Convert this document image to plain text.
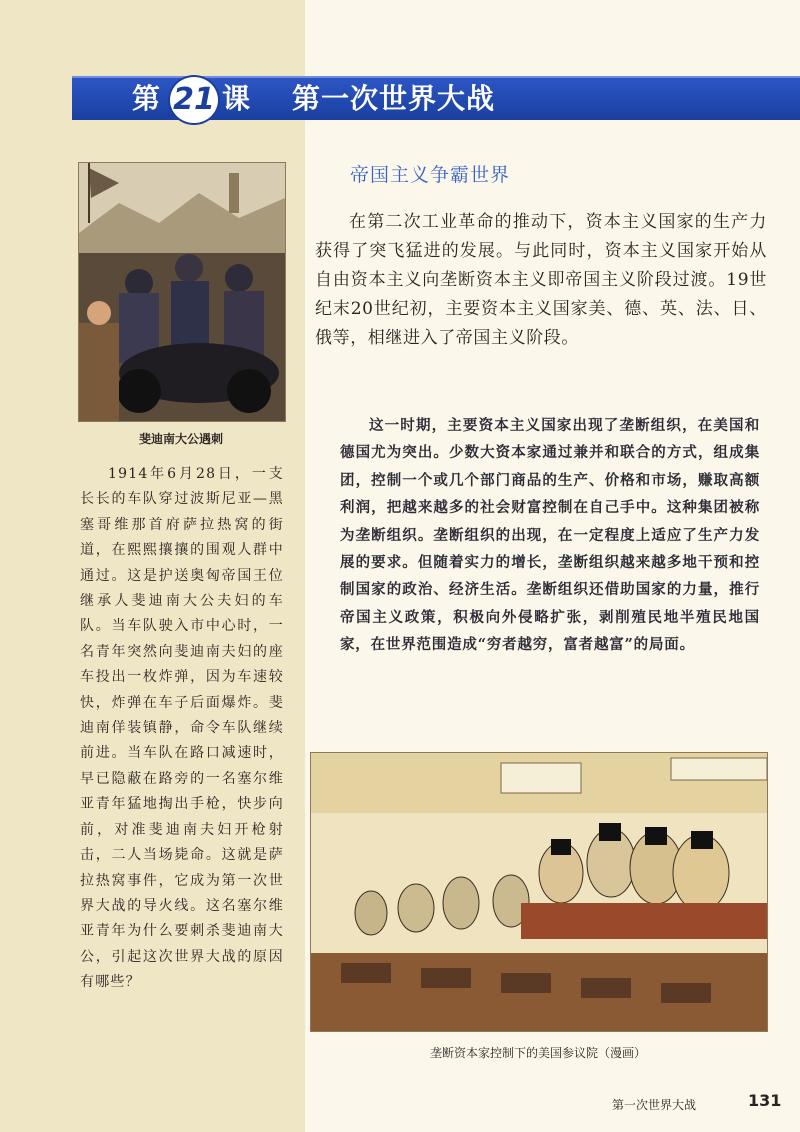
第 21 课 第一次世界大战
斐迪南大公遇刺
1914年6月28日，一支长长的车队穿过波斯尼亚—黑塞哥维那首府萨拉热窝的街道，在熙熙攘攘的围观人群中通过。这是护送奥匈帝国王位继承人斐迪南大公夫妇的车队。当车队驶入市中心时，一名青年突然向斐迪南夫妇的座车投出一枚炸弹，因为车速较快，炸弹在车子后面爆炸。斐迪南佯装镇静，命令车队继续前进。当车队在路口减速时，早已隐蔽在路旁的一名塞尔维亚青年猛地掏出手枪，快步向前，对准斐迪南夫妇开枪射击，二人当场毙命。这就是萨拉热窝事件，它成为第一次世界大战的导火线。这名塞尔维亚青年为什么要刺杀斐迪南大公，引起这次世界大战的原因有哪些？
帝国主义争霸世界
在第二次工业革命的推动下，资本主义国家的生产力获得了突飞猛进的发展。与此同时，资本主义国家开始从自由资本主义向垄断资本主义即帝国主义阶段过渡。19世纪末20世纪初，主要资本主义国家美、德、英、法、日、俄等，相继进入了帝国主义阶段。
这一时期，主要资本主义国家出现了垄断组织，在美国和德国尤为突出。少数大资本家通过兼并和联合的方式，组成集团，控制一个或几个部门商品的生产、价格和市场，赚取高额利润，把越来越多的社会财富控制在自己手中。这种集团被称为垄断组织。垄断组织的出现，在一定程度上适应了生产力发展的要求。但随着实力的增长，垄断组织越来越多地干预和控制国家的政治、经济生活。垄断组织还借助国家的力量，推行帝国主义政策，积极向外侵略扩张，剥削殖民地半殖民地国家，在世界范围造成“穷者越穷，富者越富”的局面。
垄断资本家控制下的美国参议院（漫画）
第一次世界大战	131
